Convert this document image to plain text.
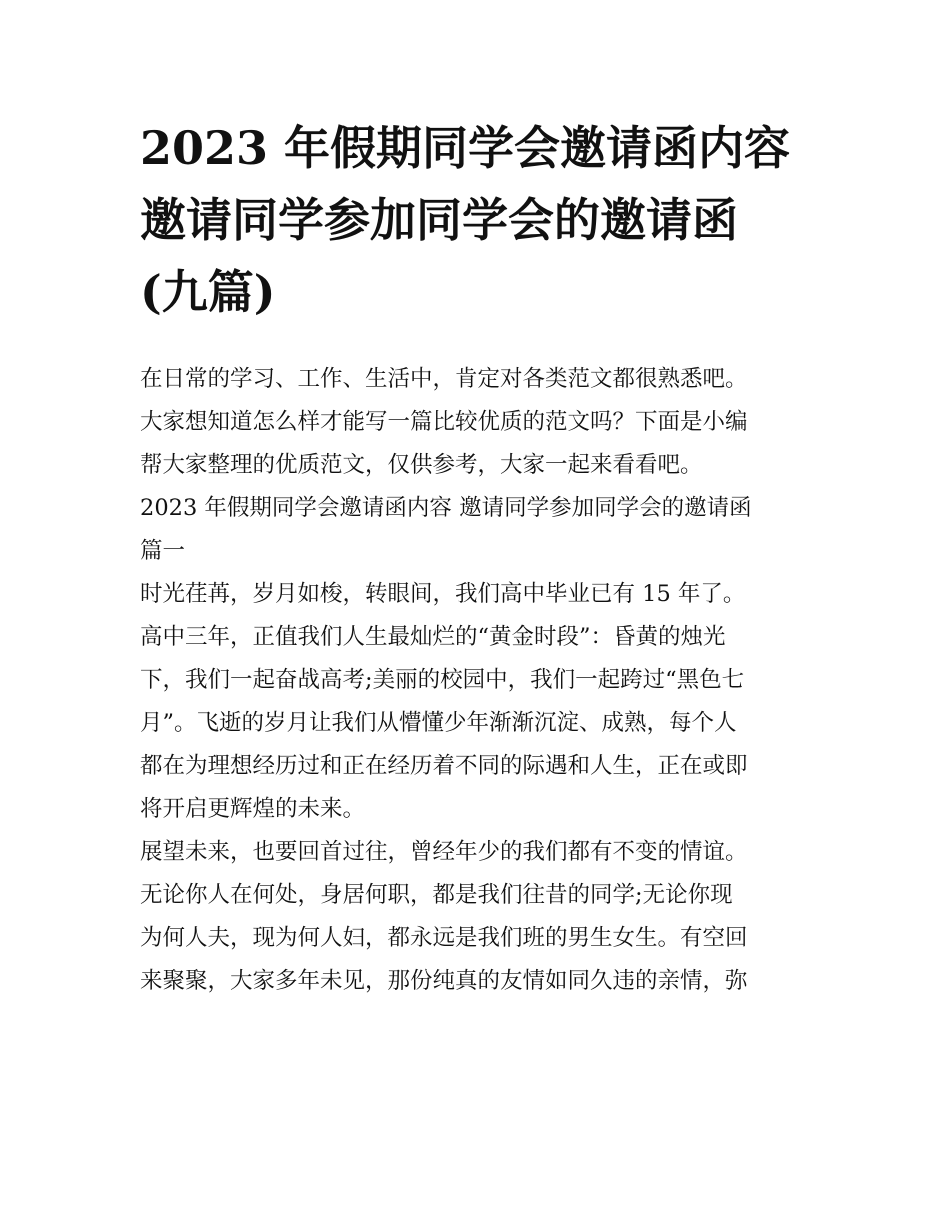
2023 年假期同学会邀请函内容
邀请同学参加同学会的邀请函
(九篇)

在日常的学习、工作、生活中，肯定对各类范文都很熟悉吧。

大家想知道怎么样才能写一篇比较优质的范文吗？下面是小编

帮大家整理的优质范文，仅供参考，大家一起来看看吧。

2023 年假期同学会邀请函内容 邀请同学参加同学会的邀请函

篇一

时光荏苒，岁月如梭，转眼间，我们高中毕业已有 15 年了。

高中三年，正值我们人生最灿烂的“黄金时段”：昏黄的烛光

下，我们一起奋战高考;美丽的校园中，我们一起跨过“黑色七

月”。飞逝的岁月让我们从懵懂少年渐渐沉淀、成熟，每个人

都在为理想经历过和正在经历着不同的际遇和人生，正在或即

将开启更辉煌的未来。

展望未来，也要回首过往，曾经年少的我们都有不变的情谊。

无论你人在何处，身居何职，都是我们往昔的同学;无论你现

为何人夫，现为何人妇，都永远是我们班的男生女生。有空回

来聚聚，大家多年未见，那份纯真的友情如同久违的亲情，弥
